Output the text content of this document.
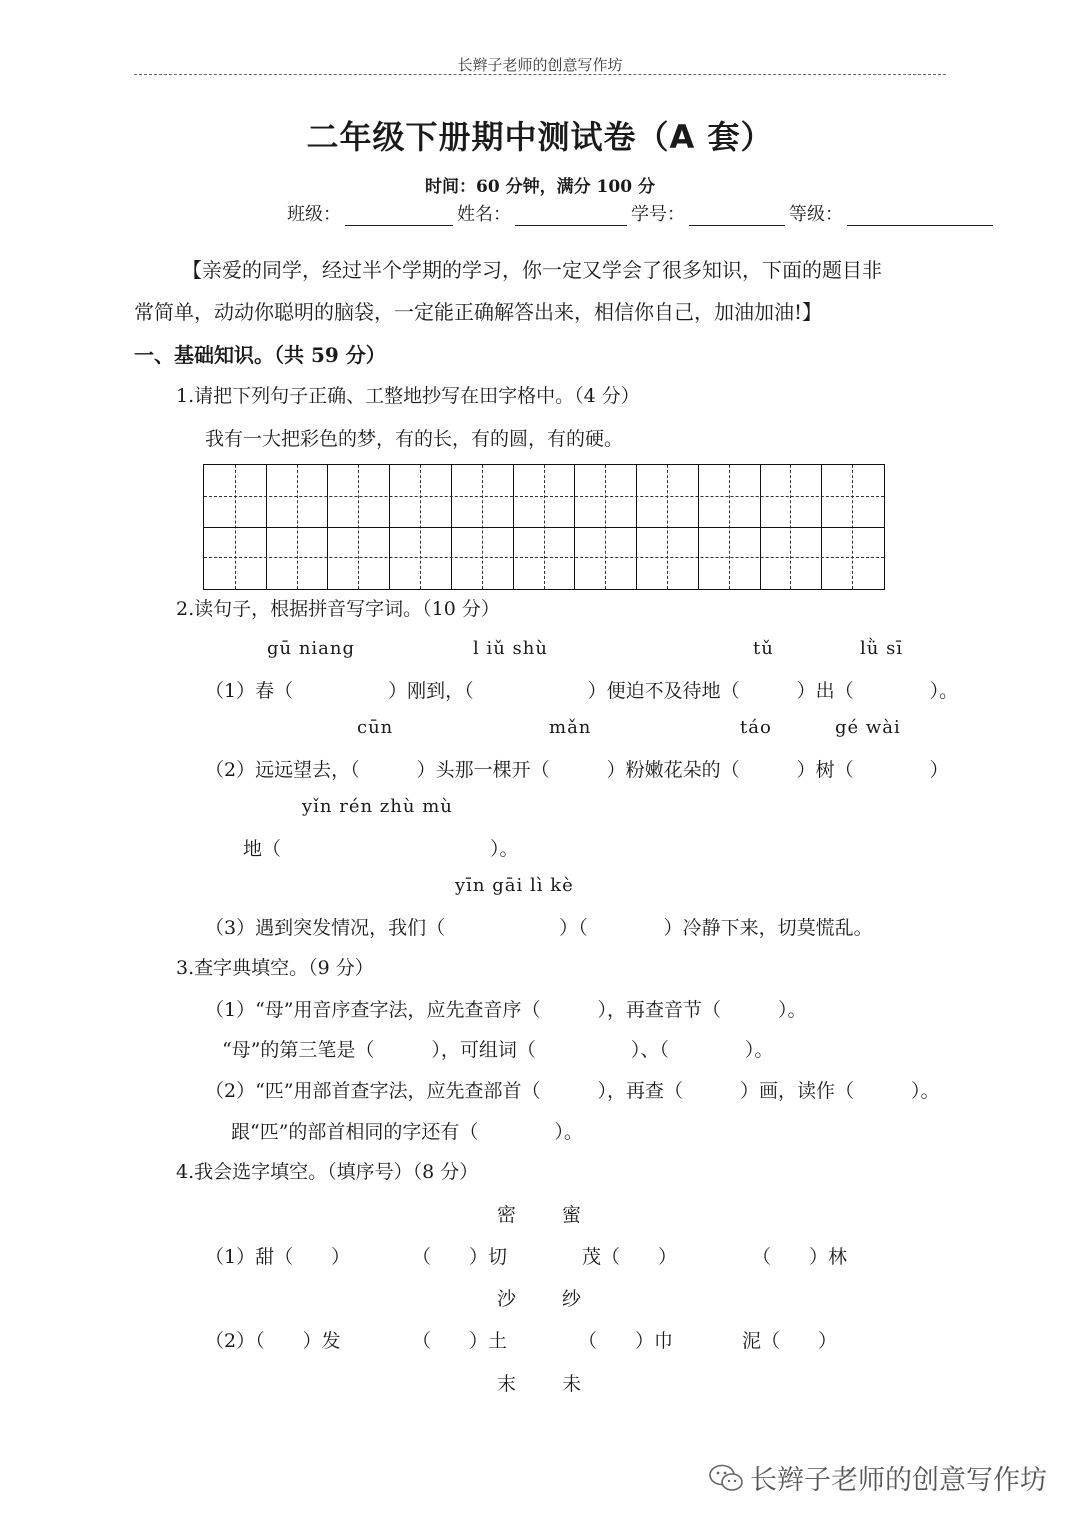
长辫子老师的创意写作坊
二年级下册期中测试卷（A 套）
时间：60 分钟，满分 100 分
班级：	姓名：	学号：	等级：
【亲爱的同学，经过半个学期的学习，你一定又学会了很多知识，下面的题目非
常简单，动动你聪明的脑袋，一定能正确解答出来，相信你自己，加油加油!】
一、基础知识。（共 59 分）
1.请把下列句子正确、工整地抄写在田字格中。（4 分）
我有一大把彩色的梦，有的长，有的圆，有的硬。
2.读句子，根据拼音写字词。（10 分）
gū niang	l iǔ shù	tǔ	lǜ sī
（1）春（　　　　　）刚到，（　　　　　　）便迫不及待地（　　　）出（　　　　）。
cūn	mǎn	táo	gé wài
（2）远远望去，（　　　）头那一棵开（　　　）粉嫩花朵的（　　　）树（　　　　）
yǐn rén zhù mù
地（　　　　　　　　　　　）。
yīn gāi lì kè
（3）遇到突发情况，我们（　　　　　　）（　　　　）冷静下来，切莫慌乱。
3.查字典填空。（9 分）
（1）“母”用音序查字法，应先查音序（　　　），再查音节（　　　）。
“母”的第三笔是（　　　），可组词（　　　　　）、（　　　　）。
（2）“匹”用部首查字法，应先查部首（　　　），再查（　　　）画，读作（　　　）。
跟“匹”的部首相同的字还有（　　　　）。
4.我会选字填空。（填序号）（8 分）
密 蜜
（1）甜（　　）	（　　）切	茂（　　）	（　　）林
沙 纱
（2）（　　）发	（　　）土	（　　）巾	泥（　　）
末 未
长辫子老师的创意写作坊
